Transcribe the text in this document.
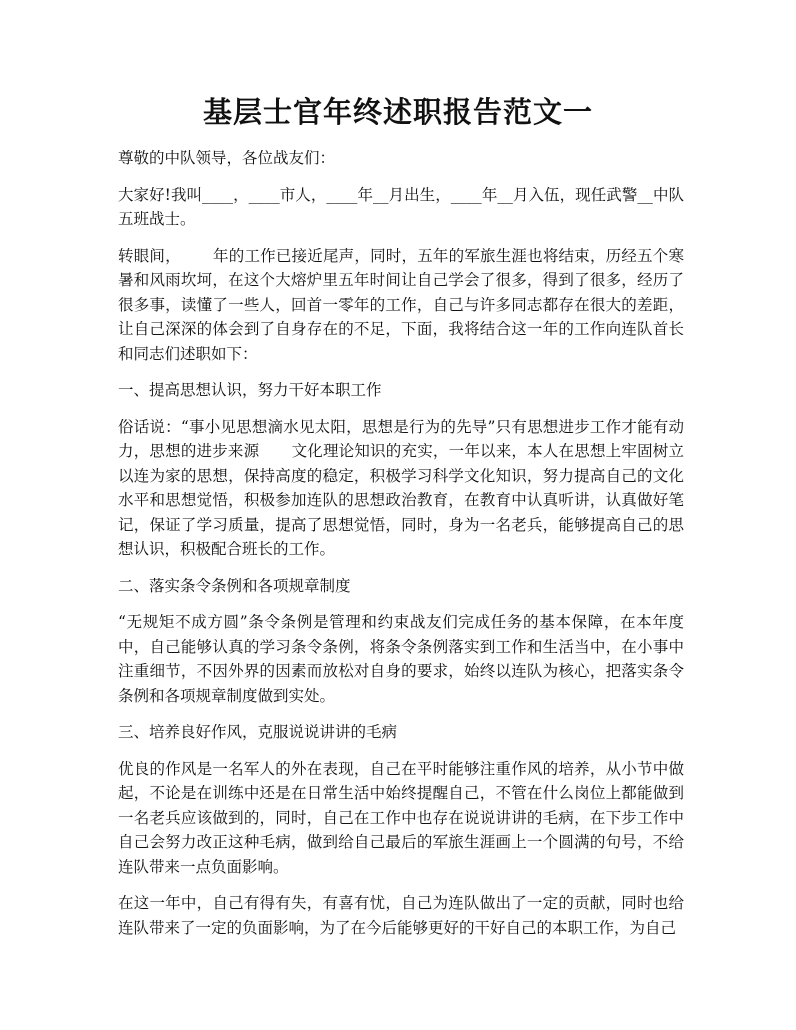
基层士官年终述职报告范文一

尊敬的中队领导，各位战友们：

大家好!我叫____，____市人，____年__月出生，____年__月入伍，现任武警__中队五班战士。

转眼间， 年的工作已接近尾声，同时，五年的军旅生涯也将结束，历经五个寒暑和风雨坎坷，在这个大熔炉里五年时间让自己学会了很多，得到了很多，经历了很多事，读懂了一些人，回首一零年的工作，自己与许多同志都存在很大的差距，让自己深深的体会到了自身存在的不足，下面，我将结合这一年的工作向连队首长和同志们述职如下：

一、提高思想认识，努力干好本职工作

俗话说：“事小见思想滴水见太阳，思想是行为的先导”只有思想进步工作才能有动力，思想的进步来源 文化理论知识的充实，一年以来，本人在思想上牢固树立以连为家的思想，保持高度的稳定，积极学习科学文化知识，努力提高自己的文化水平和思想觉悟，积极参加连队的思想政治教育，在教育中认真听讲，认真做好笔记，保证了学习质量，提高了思想觉悟，同时，身为一名老兵，能够提高自己的思想认识，积极配合班长的工作。

二、落实条令条例和各项规章制度

“无规矩不成方圆”条令条例是管理和约束战友们完成任务的基本保障，在本年度中，自己能够认真的学习条令条例，将条令条例落实到工作和生活当中，在小事中注重细节，不因外界的因素而放松对自身的要求，始终以连队为核心，把落实条令条例和各项规章制度做到实处。

三、培养良好作风，克服说说讲讲的毛病

优良的作风是一名军人的外在表现，自己在平时能够注重作风的培养，从小节中做起，不论是在训练中还是在日常生活中始终提醒自己，不管在什么岗位上都能做到一名老兵应该做到的，同时，自己在工作中也存在说说讲讲的毛病，在下步工作中自己会努力改正这种毛病，做到给自己最后的军旅生涯画上一个圆满的句号，不给连队带来一点负面影响。

在这一年中，自己有得有失，有喜有忧，自己为连队做出了一定的贡献，同时也给连队带来了一定的负面影响，为了在今后能够更好的干好自己的本职工作，为自己
